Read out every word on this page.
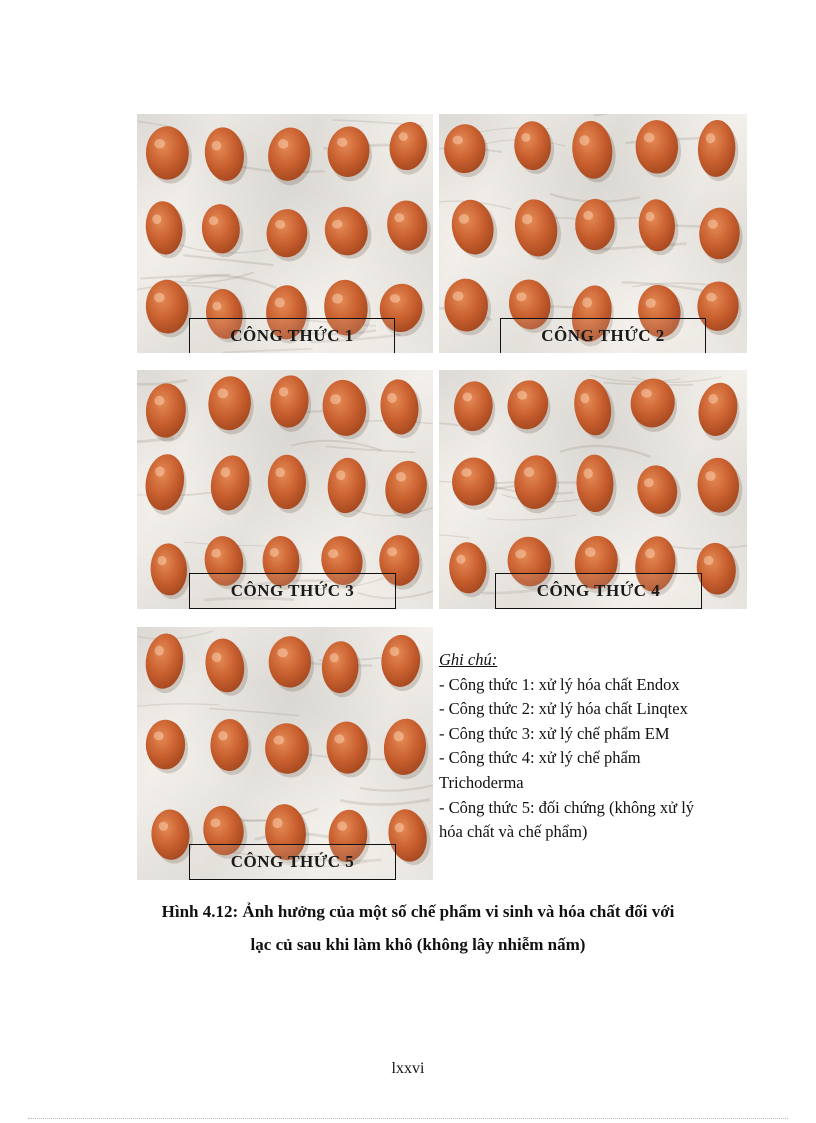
CÔNG THỨC 1	CÔNG THỨC 2
CÔNG THỨC 3	CÔNG THỨC 4
CÔNG THỨC 5
Ghi chú:
- Công thức 1: xử lý hóa chất Endox
- Công thức 2: xử lý hóa chất Linqtex
- Công thức 3: xử lý chế phẩm EM
- Công thức 4: xử lý chế phẩm
Trichoderma
- Công thức 5: đối chứng (không xử lý
hóa chất và chế phẩm)
Hình 4.12: Ảnh hưởng của một số chế phẩm vi sinh và hóa chất đối với
lạc củ sau khi làm khô (không lây nhiễm nấm)
lxxvi
